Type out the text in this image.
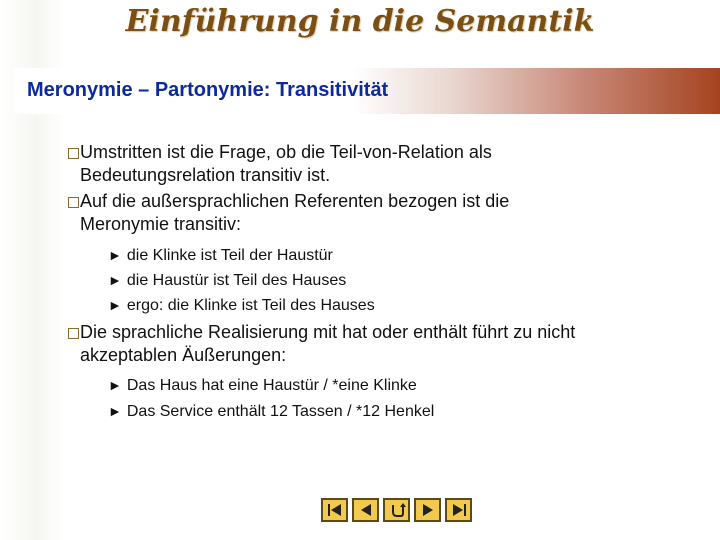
Einführung in die Semantik
Meronymie – Partonymie: Transitivität
Umstritten ist die Frage, ob die Teil-von-Relation als
Bedeutungsrelation transitiv ist.
Auf die außersprachlichen Referenten bezogen ist die
Meronymie transitiv:
► die Klinke ist Teil der Haustür
► die Haustür ist Teil des Hauses
► ergo: die Klinke ist Teil des Hauses
Die sprachliche Realisierung mit hat oder enthält führt zu nicht
akzeptablen Äußerungen:
► Das Haus hat eine Haustür / *eine Klinke
► Das Service enthält 12 Tassen / *12 Henkel
